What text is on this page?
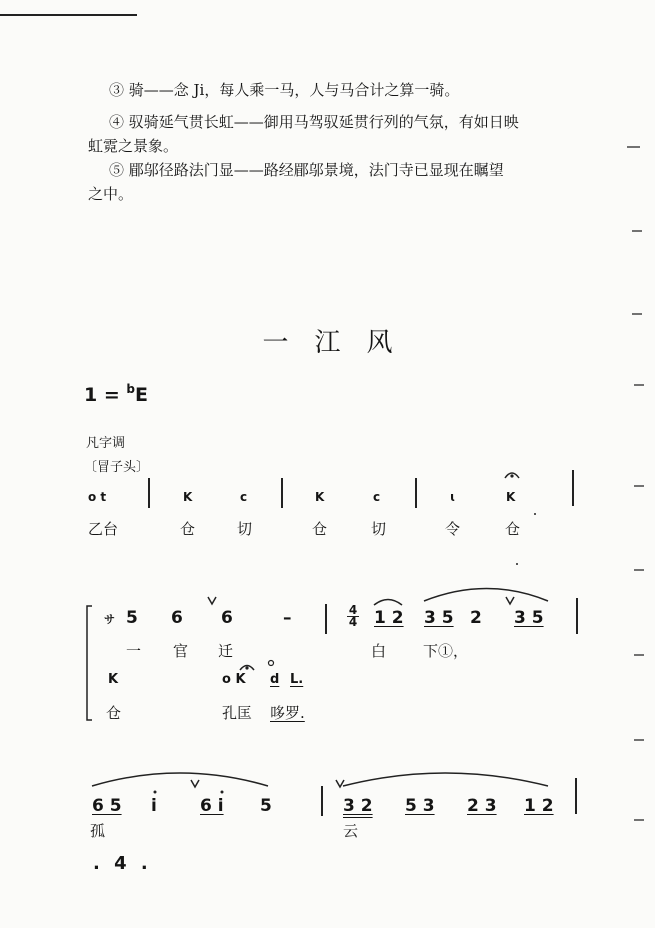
③ 骑——念 Ji，每人乘一马，人与马合计之算一骑。
④ 驭骑延气贯长虹——御用马驾驭延贯行列的气氛，有如日映
虹霓之景象。
⑤ 郿邬径路法门显——路经郿邬景境，法门寺已显现在瞩望
之中。
一江风
1 = $^b$E
凡字调
〔冒子头〕
o t	K	c	K	c	ɩ	K
乙台	仓	切	仓	切	令	仓
サ 5 6 6	–	4
4 1 2 3 5 2 3 5
一 官 迁	白 下①，
K	o K d L.
仓	孔匡 哆罗.
6 5 i	6 i 5	3 2 5 3 2 3 1 2
孤	云
. 4 .
